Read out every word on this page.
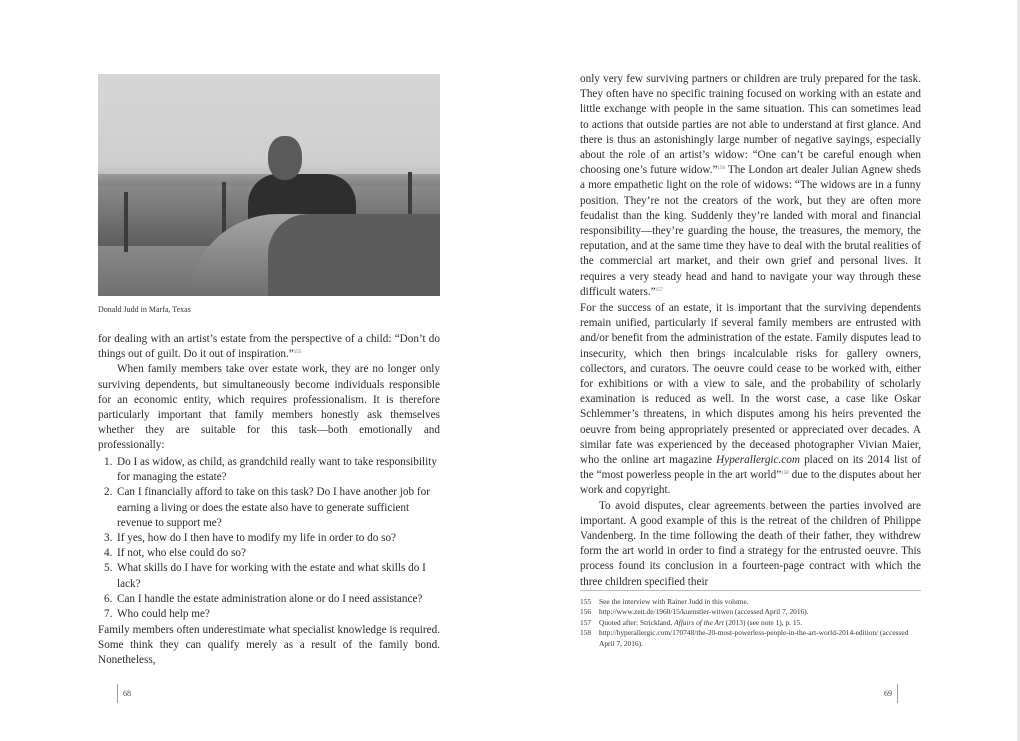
Donald Judd in Marfa, Texas

for dealing with an artist’s estate from the perspective of a child: “Don’t do things out of guilt. Do it out of inspiration.”$^{155}$

When family members take over estate work, they are no longer only surviving dependents, but simultaneously become individuals responsible for an economic entity, which requires professionalism. It is therefore particularly important that family members honestly ask themselves whether they are suitable for this task—both emotionally and professionally:

1. Do I as widow, as child, as grandchild really want to take responsibility for managing the estate?
2. Can I financially afford to take on this task? Do I have another job for earning a living or does the estate also have to generate sufficient revenue to support me?
3. If yes, how do I then have to modify my life in order to do so?
4. If not, who else could do so?
5. What skills do I have for working with the estate and what skills do I lack?
6. Can I handle the estate administration alone or do I need assistance?
7. Who could help me?

Family members often underestimate what specialist knowledge is required. Some think they can qualify merely as a result of the family bond. Nonetheless,

68

only very few surviving partners or children are truly prepared for the task. They often have no specific training focused on working with an estate and little exchange with people in the same situation. This can sometimes lead to actions that outside parties are not able to understand at first glance. And there is thus an astonishingly large number of negative sayings, especially about the role of an artist’s widow: “One can’t be careful enough when choosing one’s future widow.”$^{156}$ The London art dealer Julian Agnew sheds a more empathetic light on the role of widows: “The widows are in a funny position. They’re not the creators of the work, but they are often more feudalist than the king. Suddenly they’re landed with moral and financial responsibility—they’re guarding the house, the treasures, the memory, the reputation, and at the same time they have to deal with the brutal realities of the commercial art market, and their own grief and personal lives. It requires a very steady head and hand to navigate your way through these difficult waters.”$^{157}$

For the success of an estate, it is important that the surviving dependents remain unified, particularly if several family members are entrusted with and/or benefit from the administration of the estate. Family disputes lead to insecurity, which then brings incalculable risks for gallery owners, collectors, and curators. The oeuvre could cease to be worked with, either for exhibitions or with a view to sale, and the probability of scholarly examination is reduced as well. In the worst case, a case like Oskar Schlemmer’s threatens, in which disputes among his heirs prevented the oeuvre from being appropriately presented or appreciated over decades. A similar fate was experienced by the deceased photographer Vivian Maier, who the online art magazine Hyperallergic.com placed on its 2014 list of the “most powerless people in the art world”$^{158}$ due to the disputes about her work and copyright.

To avoid disputes, clear agreements between the parties involved are important. A good example of this is the retreat of the children of Philippe Vandenberg. In the time following the death of their father, they withdrew form the art world in order to find a strategy for the entrusted oeuvre. This process found its conclusion in a fourteen-page contract with which the three children specified their

155 See the interview with Rainer Judd in this volume.
156 http://www.zeit.de/1960/15/kuenstler-witwen (accessed April 7, 2016).
157 Quoted after: Strickland, Affairs of the Art (2013) (see note 1), p. 15.
158 http://hyperallergic.com/170748/the-20-most-powerless-people-in-the-art-world-2014-edition/ (accessed April 7, 2016).
69
